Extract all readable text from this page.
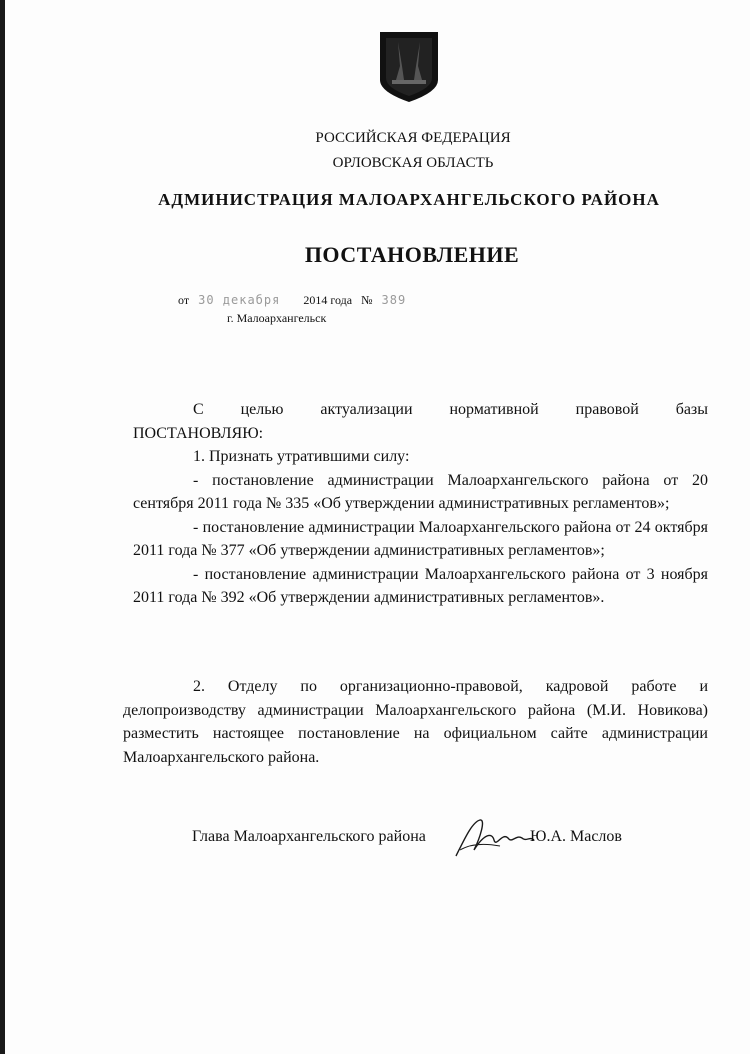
РОССИЙСКАЯ ФЕДЕРАЦИЯ
ОРЛОВСКАЯ ОБЛАСТЬ
АДМИНИСТРАЦИЯ МАЛОАРХАНГЕЛЬСКОГО РАЙОНА
ПОСТАНОВЛЕНИЕ
от 30 декабря 2014 года № 389
г. Малоархангельск

С целью актуализации нормативной правовой базы

ПОСТАНОВЛЯЮ:

1. Признать утратившими силу:

- постановление администрации Малоархангельского района от 20 сентября 2011 года № 335 «Об утверждении административных регламентов»;

- постановление администрации Малоархангельского района от 24 октября 2011 года № 377 «Об утверждении административных регламентов»;

- постановление администрации Малоархангельского района от 3 ноября 2011 года № 392 «Об утверждении административных регламентов».

2. Отделу по организационно-правовой, кадровой работе и делопроизводству администрации Малоархангельского района (М.И. Новикова) разместить настоящее постановление на официальном сайте администрации Малоархангельского района.

Глава Малоархангельского района	Ю.А. Маслов
